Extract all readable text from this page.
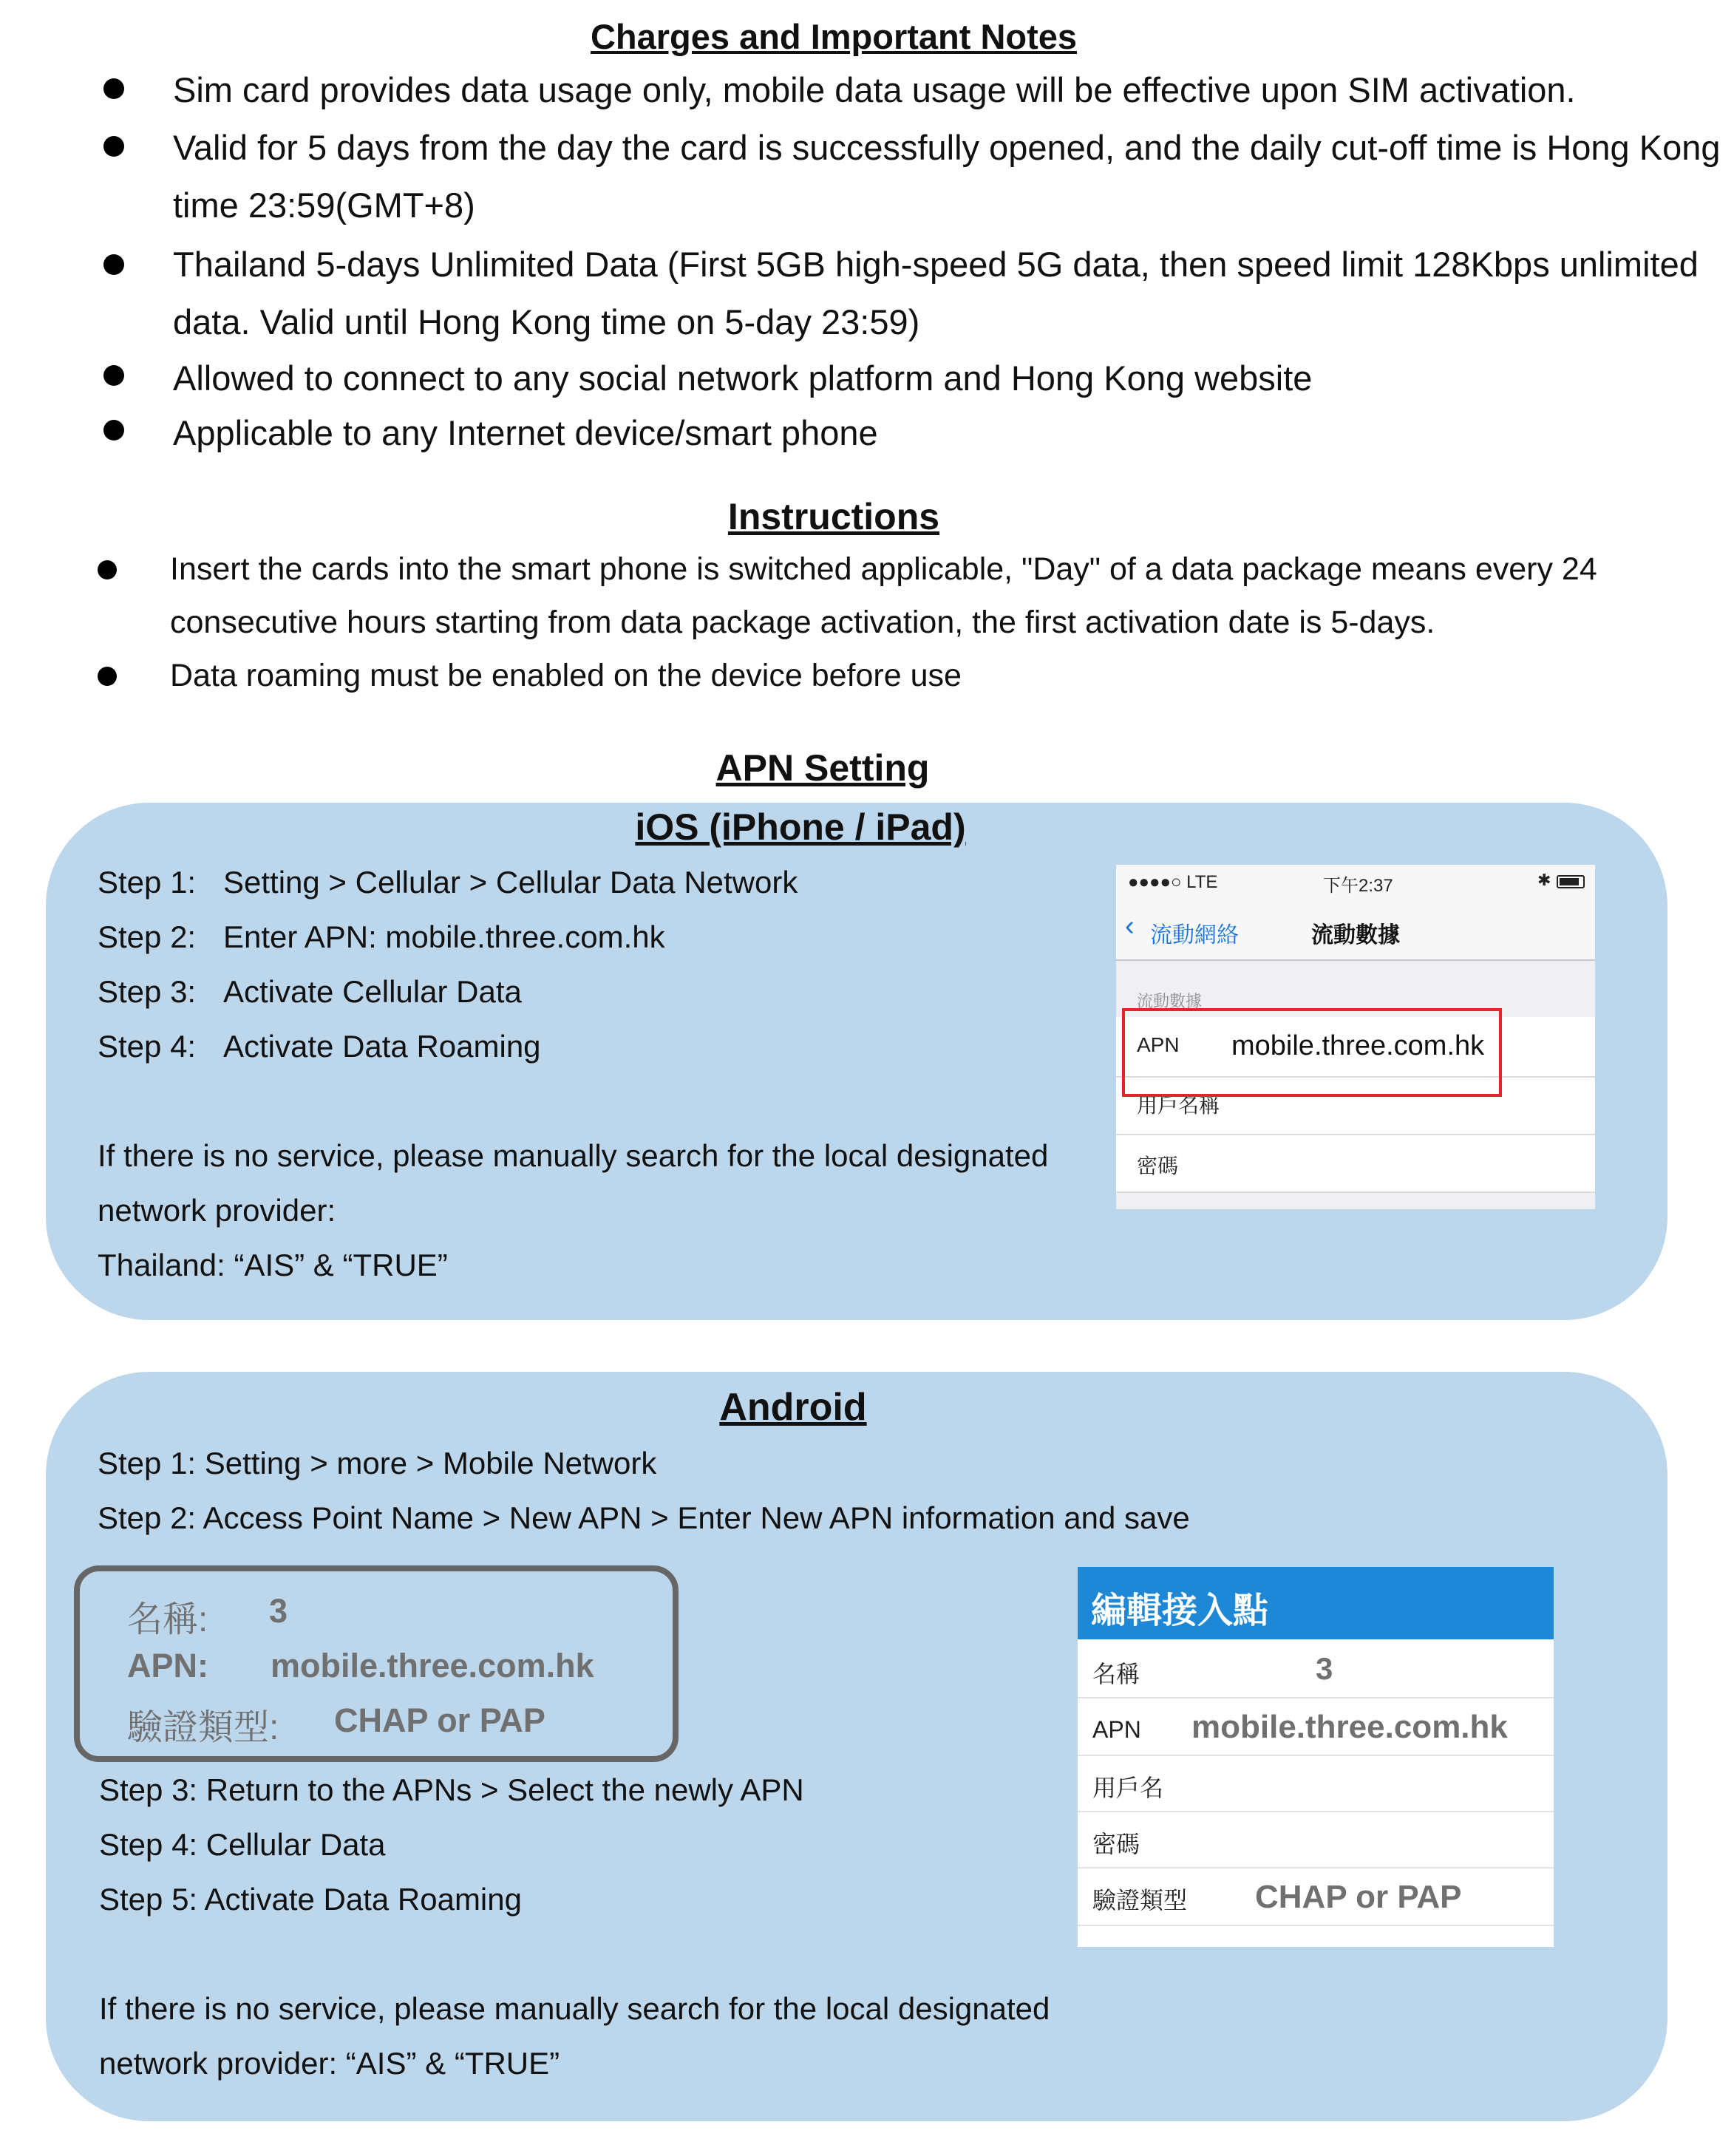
Charges and Important Notes
Sim card provides data usage only, mobile data usage will be effective upon SIM activation.
Valid for 5 days from the day the card is successfully opened, and the daily cut-off time is Hong Kong
time 23:59(GMT+8)
Thailand 5-days Unlimited Data (First 5GB high-speed 5G data, then speed limit 128Kbps unlimited
data. Valid until Hong Kong time on 5-day 23:59)
Allowed to connect to any social network platform and Hong Kong website
Applicable to any Internet device/smart phone
Instructions
Insert the cards into the smart phone is switched applicable, "Day" of a data package means every 24
consecutive hours starting from data package activation, the first activation date is 5-days.
Data roaming must be enabled on the device before use
APN Setting
iOS (iPhone / iPad)
Step 1: Setting > Cellular > Cellular Data Network
Step 2: Enter APN: mobile.three.com.hk
Step 3: Activate Cellular Data
Step 4: Activate Data Roaming
If there is no service, please manually search for the local designated
network provider:
Thailand: “AIS” & “TRUE”
●●●●○ LTE	下午2:37	✱
‹ 流動網絡	流動數據
流動數據
APN mobile.three.com.hk
用戶名稱
密碼
Android
Step 1: Setting > more > Mobile Network
Step 2: Access Point Name > New APN > Enter New APN information and save
名稱: 3
APN: mobile.three.com.hk
驗證類型: CHAP or PAP
Step 3: Return to the APNs > Select the newly APN
Step 4: Cellular Data
Step 5: Activate Data Roaming
If there is no service, please manually search for the local designated
network provider: “AIS” & “TRUE”
編輯接入點
名稱	3
APN mobile.three.com.hk
用戶名
密碼
驗證類型 CHAP or PAP
